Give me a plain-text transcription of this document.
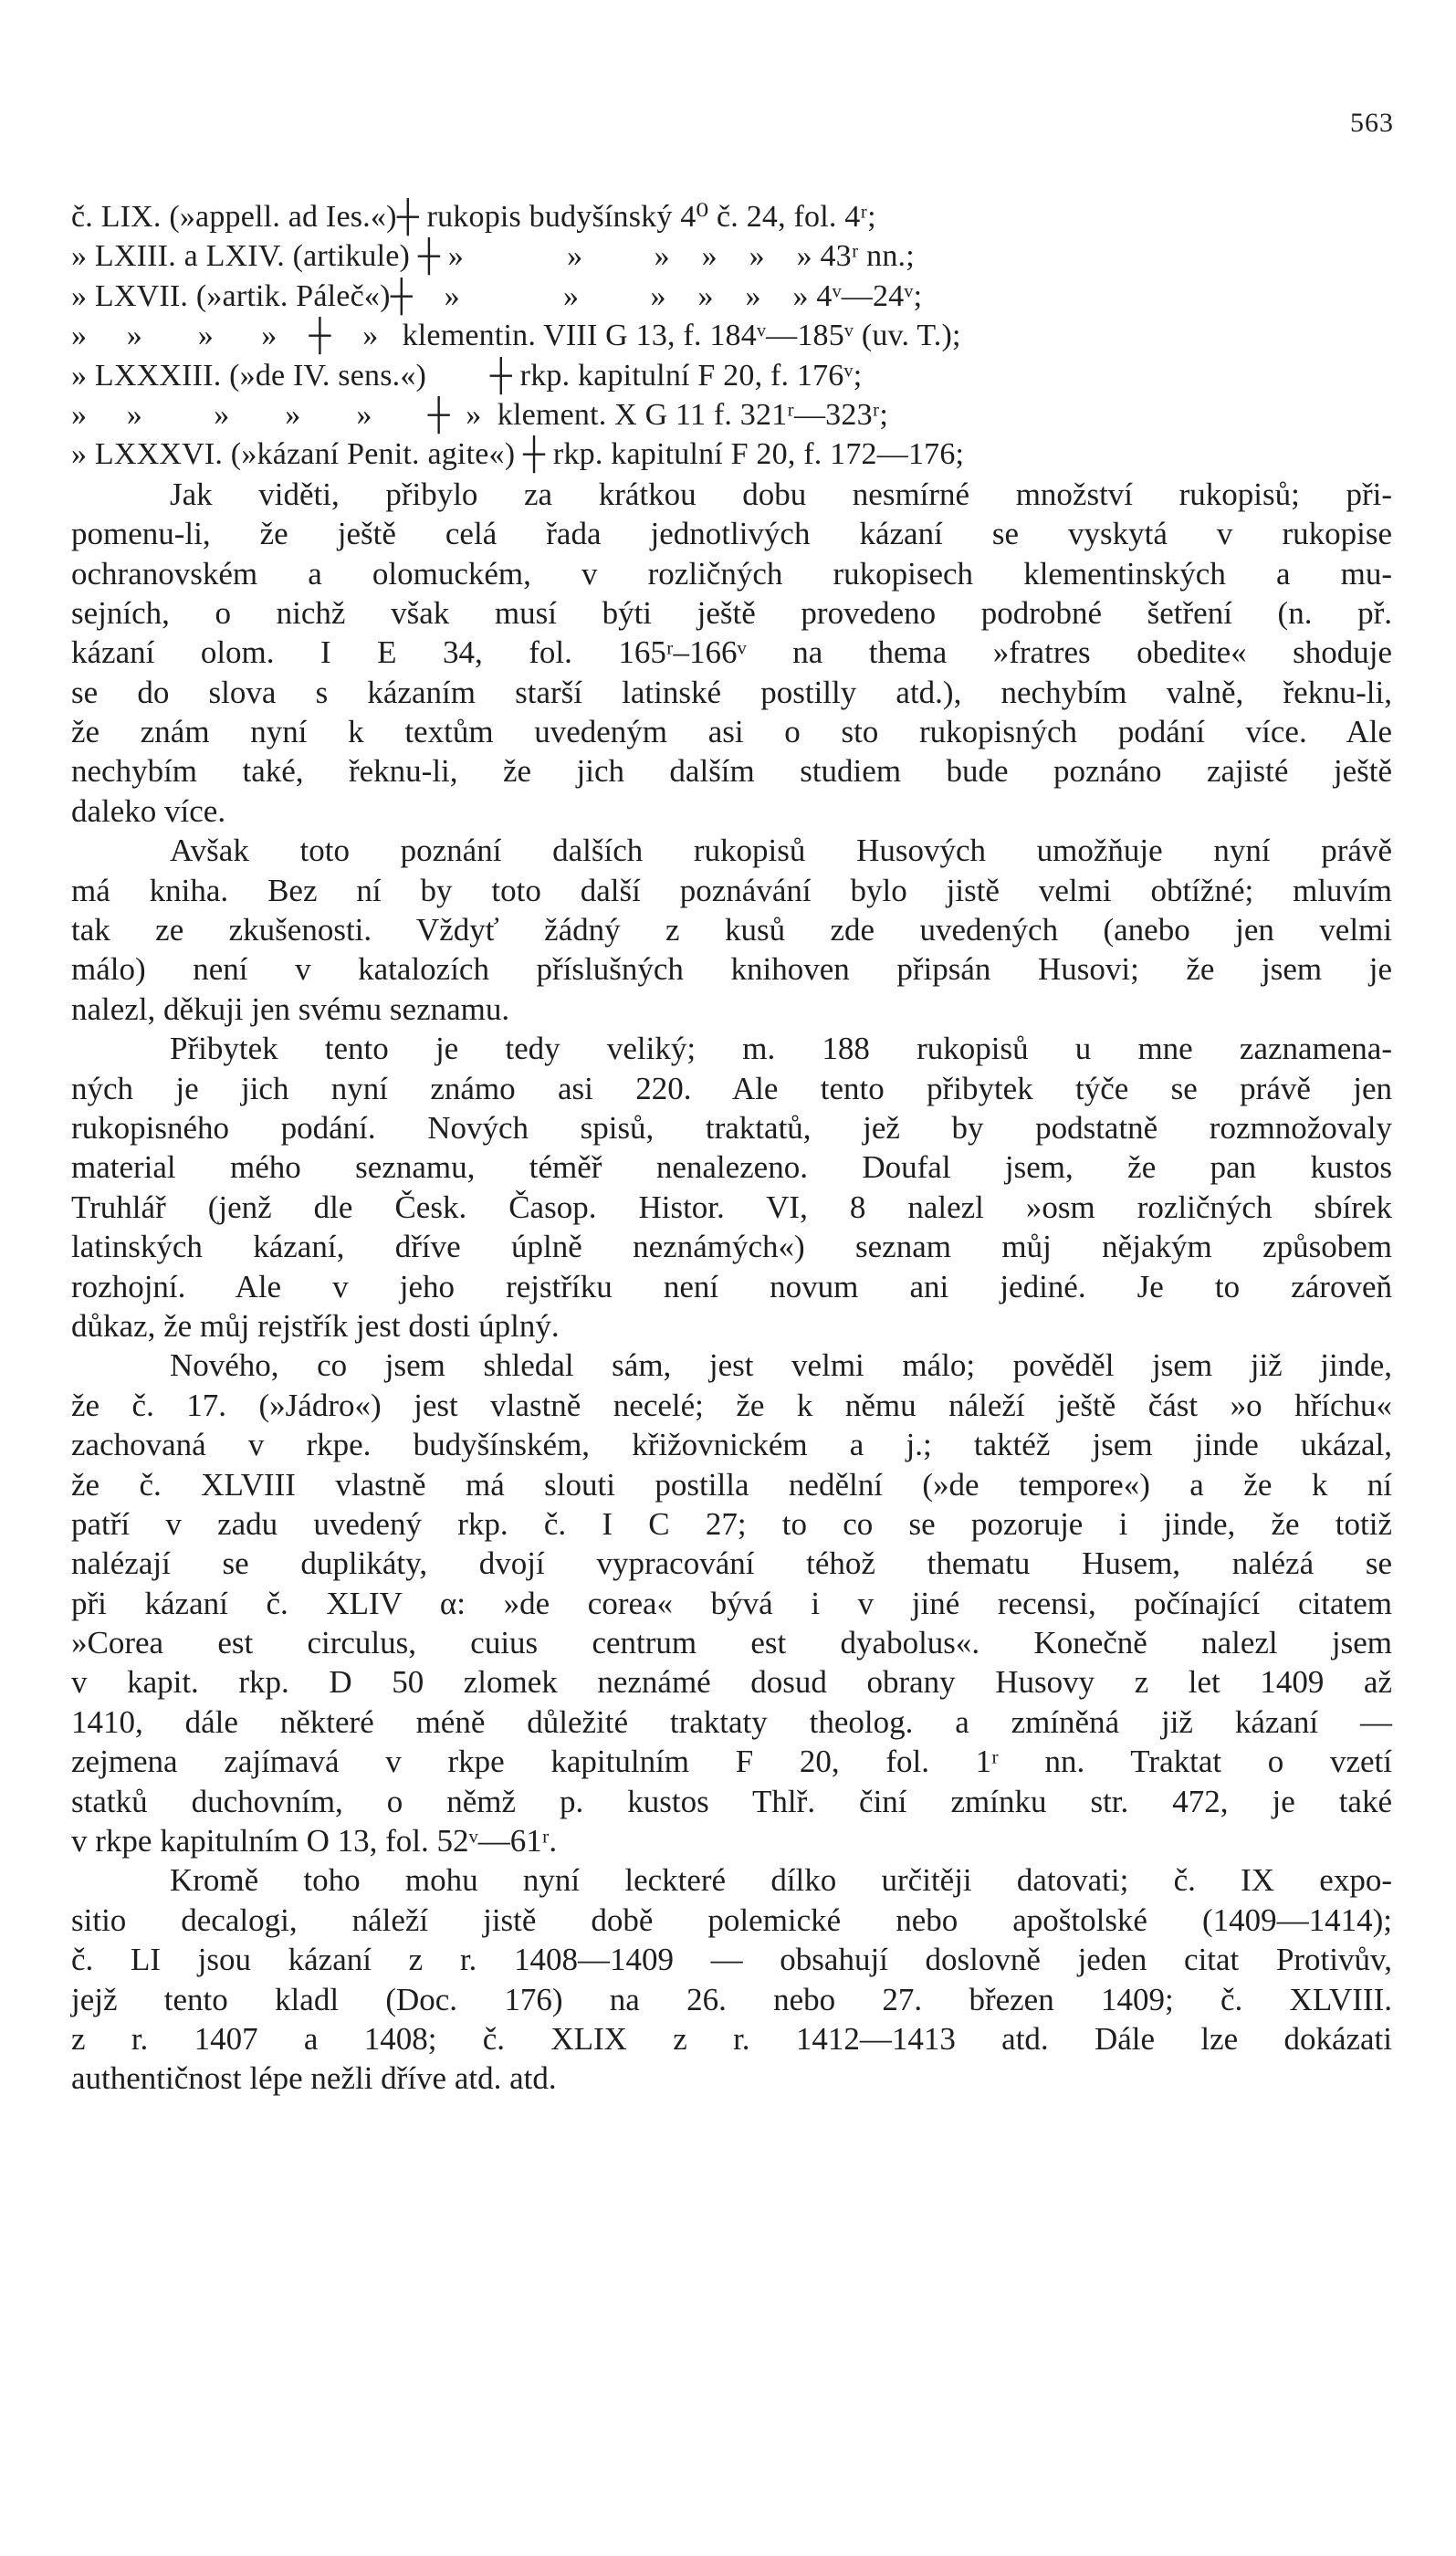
563
č. LIX. (»appell. ad Ies.«)┼ rukopis budyšínský 4⁰ č. 24, fol. 4ʳ;
» LXIII. a LXIV. (artikule) ┼ »             »         »    »    »    » 43ʳ nn.;
» LXVII. (»artik. Páleč«)┼    »             »         »    »    »    » 4ᵛ—24ᵛ;
»     »       »      »    ┼    »   klementin. VIII G 13, f. 184ᵛ—185ᵛ (uv. T.);
» LXXXIII. (»de IV. sens.«)        ┼ rkp. kapitulní F 20, f. 176ᵛ;
»     »         »       »       »       ┼  »  klement. X G 11 f. 321ʳ—323ʳ;
» LXXXVI. (»kázaní Penit. agite«) ┼ rkp. kapitulní F 20, f. 172—176;
Jak viděti, přibylo za krátkou dobu nesmírné množství rukopisů; při-
pomenu-li, že ještě celá řada jednotlivých kázaní se vyskytá v rukopise
ochranovském a olomuckém, v rozličných rukopisech klementinských a mu-
sejních, o nichž však musí býti ještě provedeno podrobné šetření (n. př.
kázaní olom. I E 34, fol. 165ʳ–166ᵛ na thema »fratres obedite« shoduje
se do slova s kázaním starší latinské postilly atd.), nechybím valně, řeknu-li,
že znám nyní k textům uvedeným asi o sto rukopisných podání více. Ale
nechybím také, řeknu-li, že jich dalším studiem bude poznáno zajisté ještě
daleko více.
Avšak toto poznání dalších rukopisů Husových umožňuje nyní právě
má kniha. Bez ní by toto další poznávání bylo jistě velmi obtížné; mluvím
tak ze zkušenosti. Vždyť žádný z kusů zde uvedených (anebo jen velmi
málo) není v katalozích příslušných knihoven připsán Husovi; že jsem je
nalezl, děkuji jen svému seznamu.
Přibytek tento je tedy veliký; m. 188 rukopisů u mne zaznamena-
ných je jich nyní známo asi 220. Ale tento přibytek týče se právě jen
rukopisného podání. Nových spisů, traktatů, jež by podstatně rozmnožovaly
material mého seznamu, téměř nenalezeno. Doufal jsem, že pan kustos
Truhlář (jenž dle Česk. Časop. Histor. VI, 8 nalezl »osm rozličných sbírek
latinských kázaní, dříve úplně neznámých«) seznam můj nějakým způsobem
rozhojní. Ale v jeho rejstříku není novum ani jediné. Je to zároveň
důkaz, že můj rejstřík jest dosti úplný.
Nového, co jsem shledal sám, jest velmi málo; pověděl jsem již jinde,
že č. 17. (»Jádro«) jest vlastně necelé; že k němu náleží ještě část »o hříchu«
zachovaná v rkpe. budyšínském, křižovnickém a j.; taktéž jsem jinde ukázal,
že č. XLVIII vlastně má slouti postilla nedělní (»de tempore«) a že k ní
patří v zadu uvedený rkp. č. I C 27; to co se pozoruje i jinde, že totiž
nalézají se duplikáty, dvojí vypracování téhož thematu Husem, nalézá se
při kázaní č. XLIV α: »de corea« bývá i v jiné recensi, počínající citatem
»Corea est circulus, cuius centrum est dyabolus«. Konečně nalezl jsem
v kapit. rkp. D 50 zlomek neznámé dosud obrany Husovy z let 1409 až
1410, dále některé méně důležité traktaty theolog. a zmíněná již kázaní —
zejmena zajímavá v rkpe kapitulním F 20, fol. 1ʳ nn. Traktat o vzetí
statků duchovním, o němž p. kustos Thlř. činí zmínku str. 472, je také
v rkpe kapitulním O 13, fol. 52ᵛ—61ʳ.
Kromě toho mohu nyní leckteré dílko určitěji datovati; č. IX expo-
sitio decalogi, náleží jistě době polemické nebo apoštolské (1409—1414);
č. LI jsou kázaní z r. 1408—1409 — obsahují doslovně jeden citat Protivův,
jejž tento kladl (Doc. 176) na 26. nebo 27. březen 1409; č. XLVIII.
z r. 1407 a 1408; č. XLIX z r. 1412—1413 atd. Dále lze dokázati
authentičnost lépe nežli dříve atd. atd.
